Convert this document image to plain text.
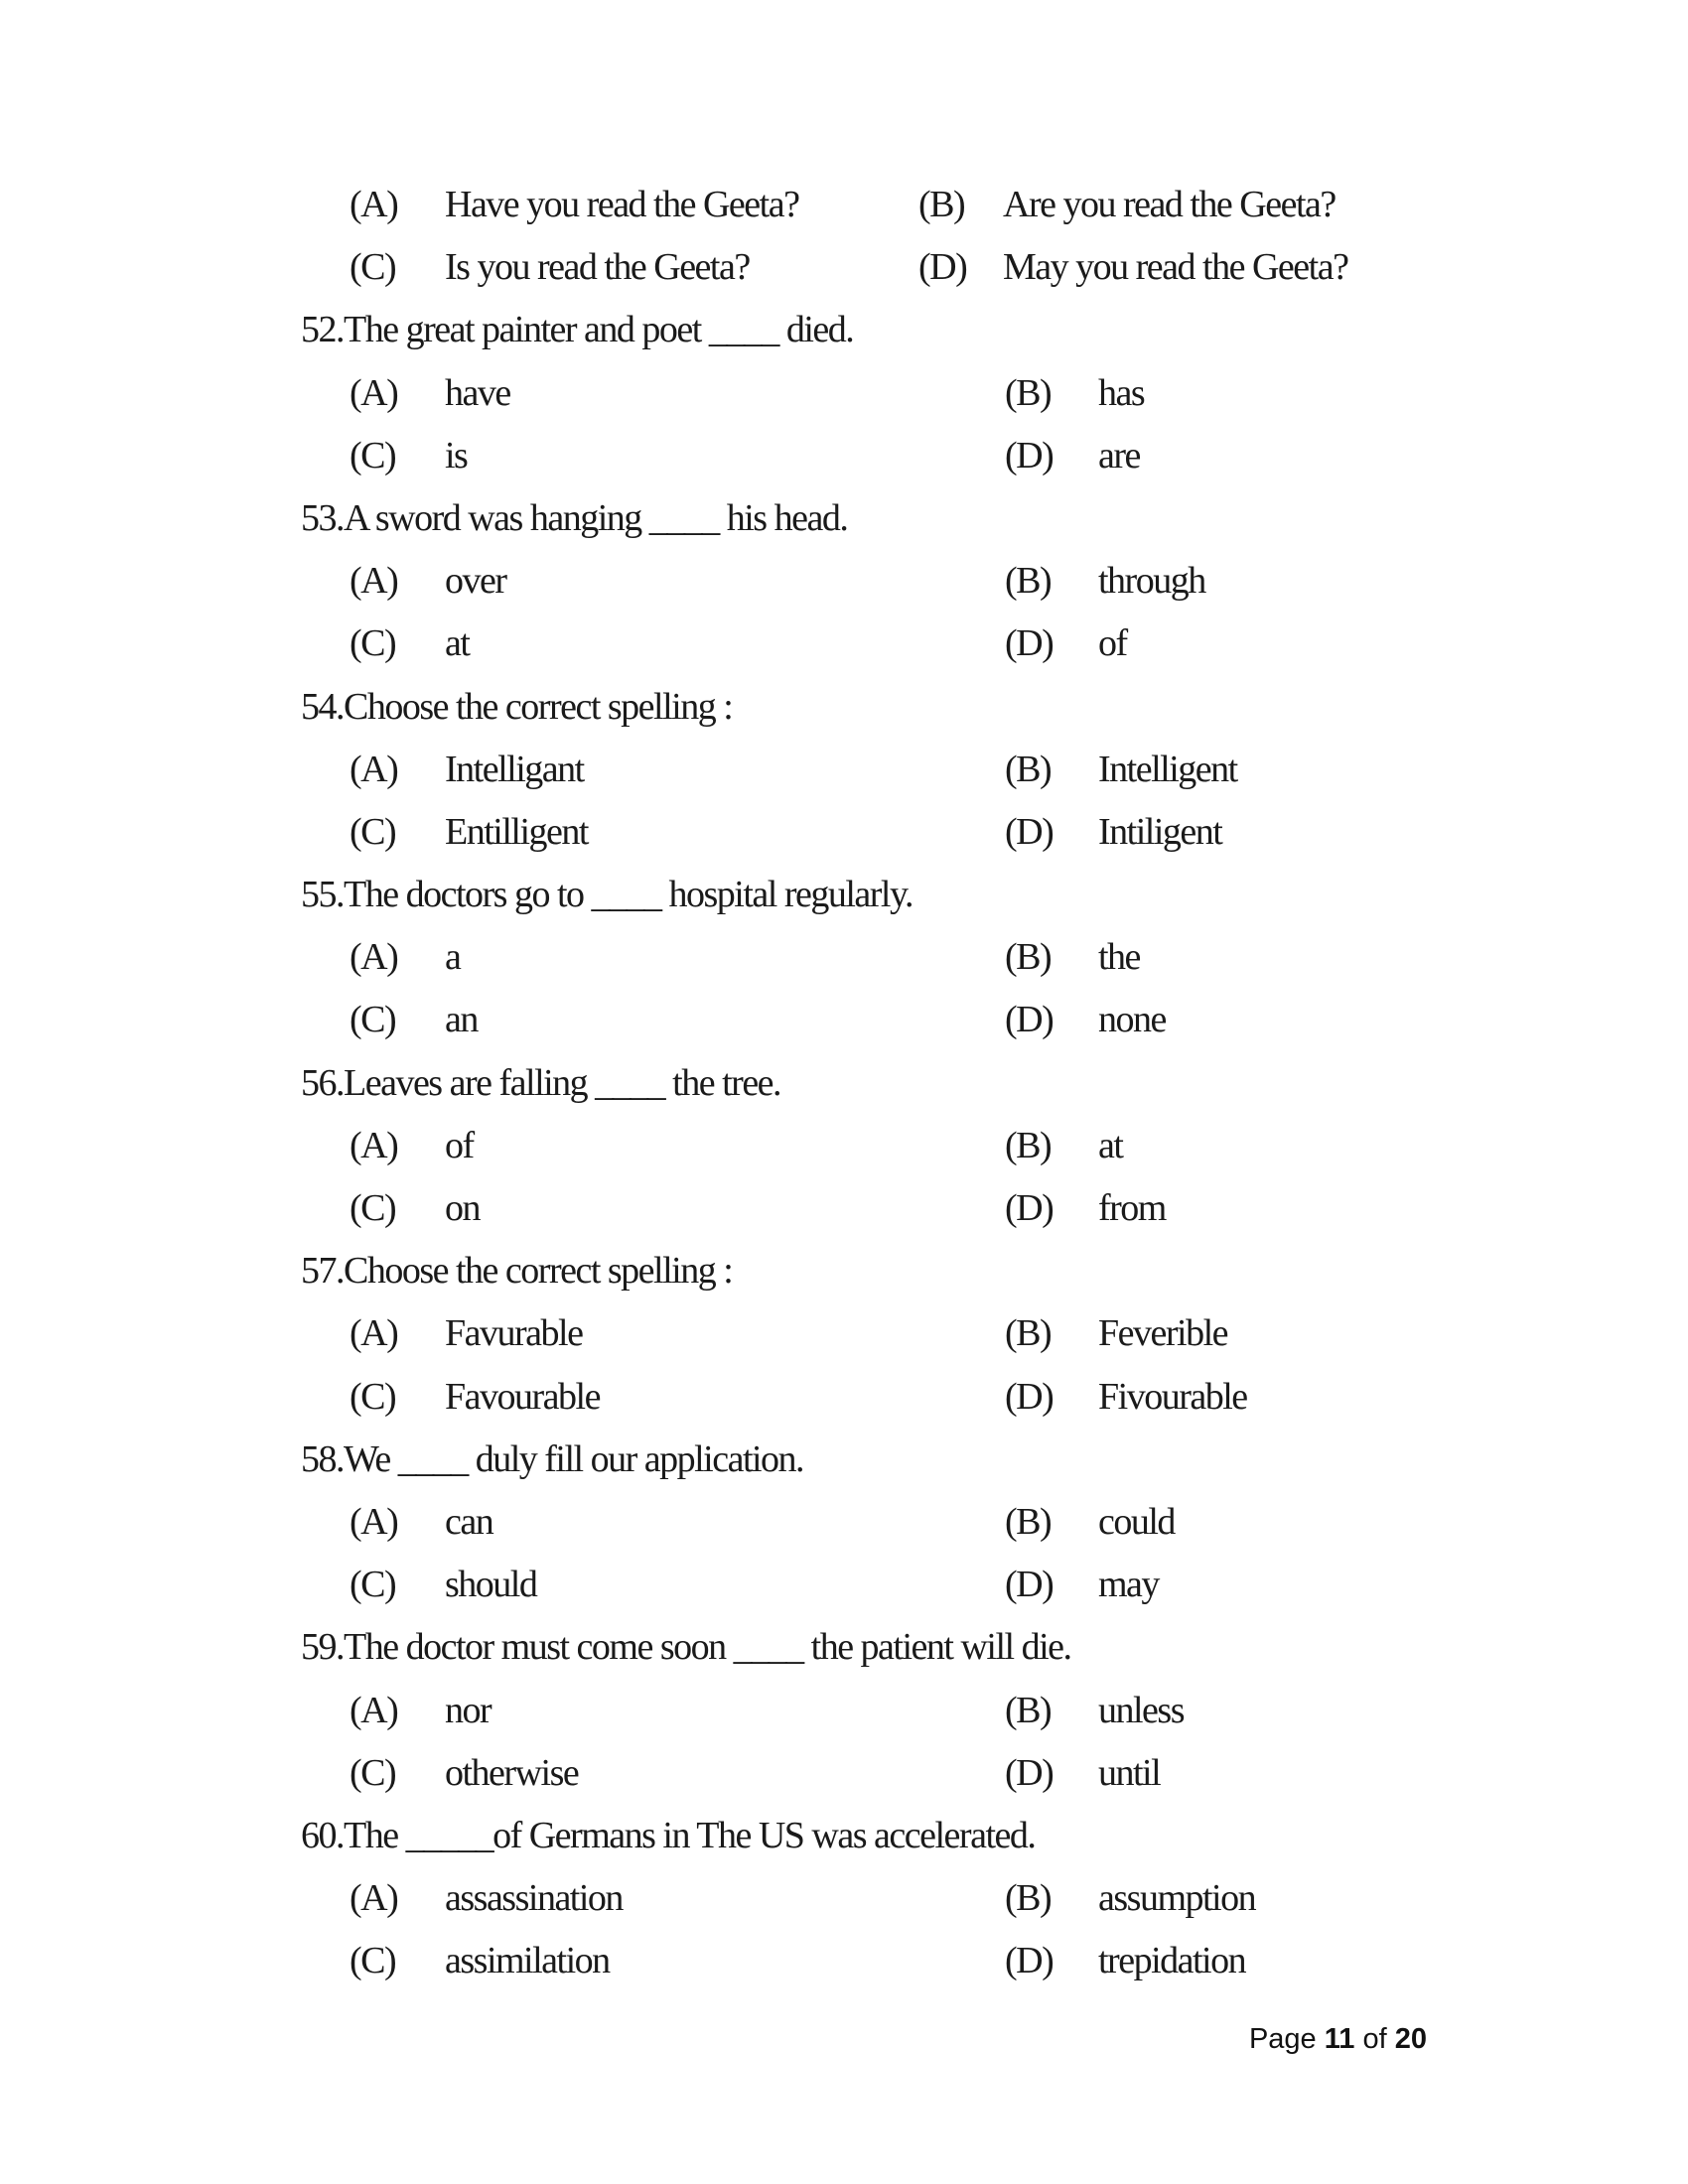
(A) Have you read the Geeta?	(B) Are you read the Geeta?
(C) Is you read the Geeta?	(D) May you read the Geeta?
52.The great painter and poet ____ died.
(A) have	(B) has
(C) is	(D) are
53.A sword was hanging ____ his head.
(A) over	(B) through
(C) at	(D) of
54.Choose the correct spelling :
(A) Intelligant	(B) Intelligent
(C) Entilligent	(D) Intiligent
55.The doctors go to ____ hospital regularly.
(A) a	(B) the
(C) an	(D) none
56.Leaves are falling ____ the tree.
(A) of	(B) at
(C) on	(D) from
57.Choose the correct spelling :
(A) Favurable	(B) Feverible
(C) Favourable	(D) Fivourable
58.We ____ duly fill our application.
(A) can	(B) could
(C) should	(D) may
59.The doctor must come soon ____ the patient will die.
(A) nor	(B) unless
(C) otherwise	(D) until
60.The _____of Germans in The US was accelerated.
(A) assassination	(B) assumption
(C) assimilation	(D) trepidation
Page 11 of 20
